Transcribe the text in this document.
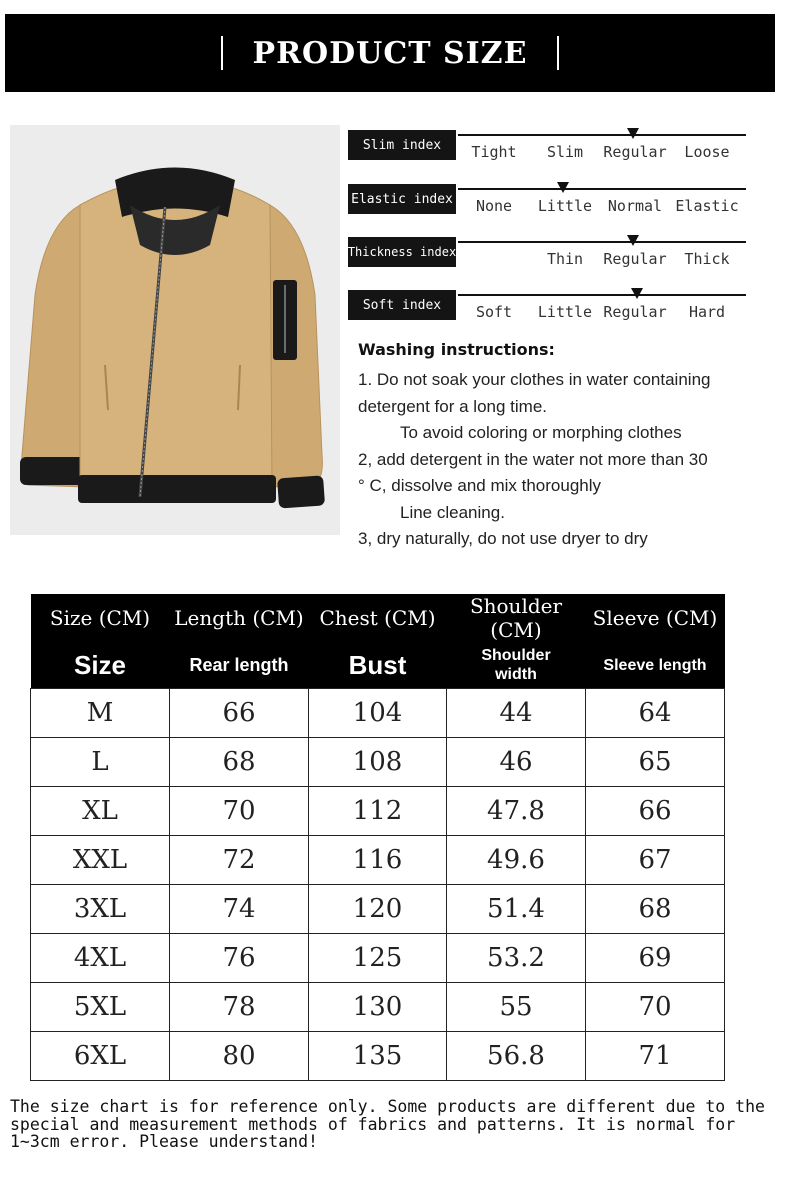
PRODUCT SIZE
Slim index	Tight	Slim	Regular	Loose
Elastic index	None	Little	Normal Elastic
Thickness index	Thin	Regular	Thick
Soft index	Soft	Little Regular	Hard
Washing instructions:

1. Do not soak your clothes in water containing

detergent for a long time.

To avoid coloring or morphing clothes

2, add detergent in the water not more than 30

° C, dissolve and mix thoroughly

Line cleaning.

3, dry naturally, do not use dryer to dry

Size (CM)	Length (CM)	Chest (CM)	Shoulder (CM)	Sleeve (CM)
Size	Rear length	Bust	Shoulder width	Sleeve length
M	66	104	44	64
L	68	108	46	65
XL	70	112	47.8	66
XXL	72	116	49.6	67
3XL	74	120	51.4	68
4XL	76	125	53.2	69
5XL	78	130	55	70
6XL	80	135	56.8	71
The size chart is for reference only. Some products are different due to the special and measurement methods of fabrics and patterns. It is normal for 1~3cm error. Please understand!
